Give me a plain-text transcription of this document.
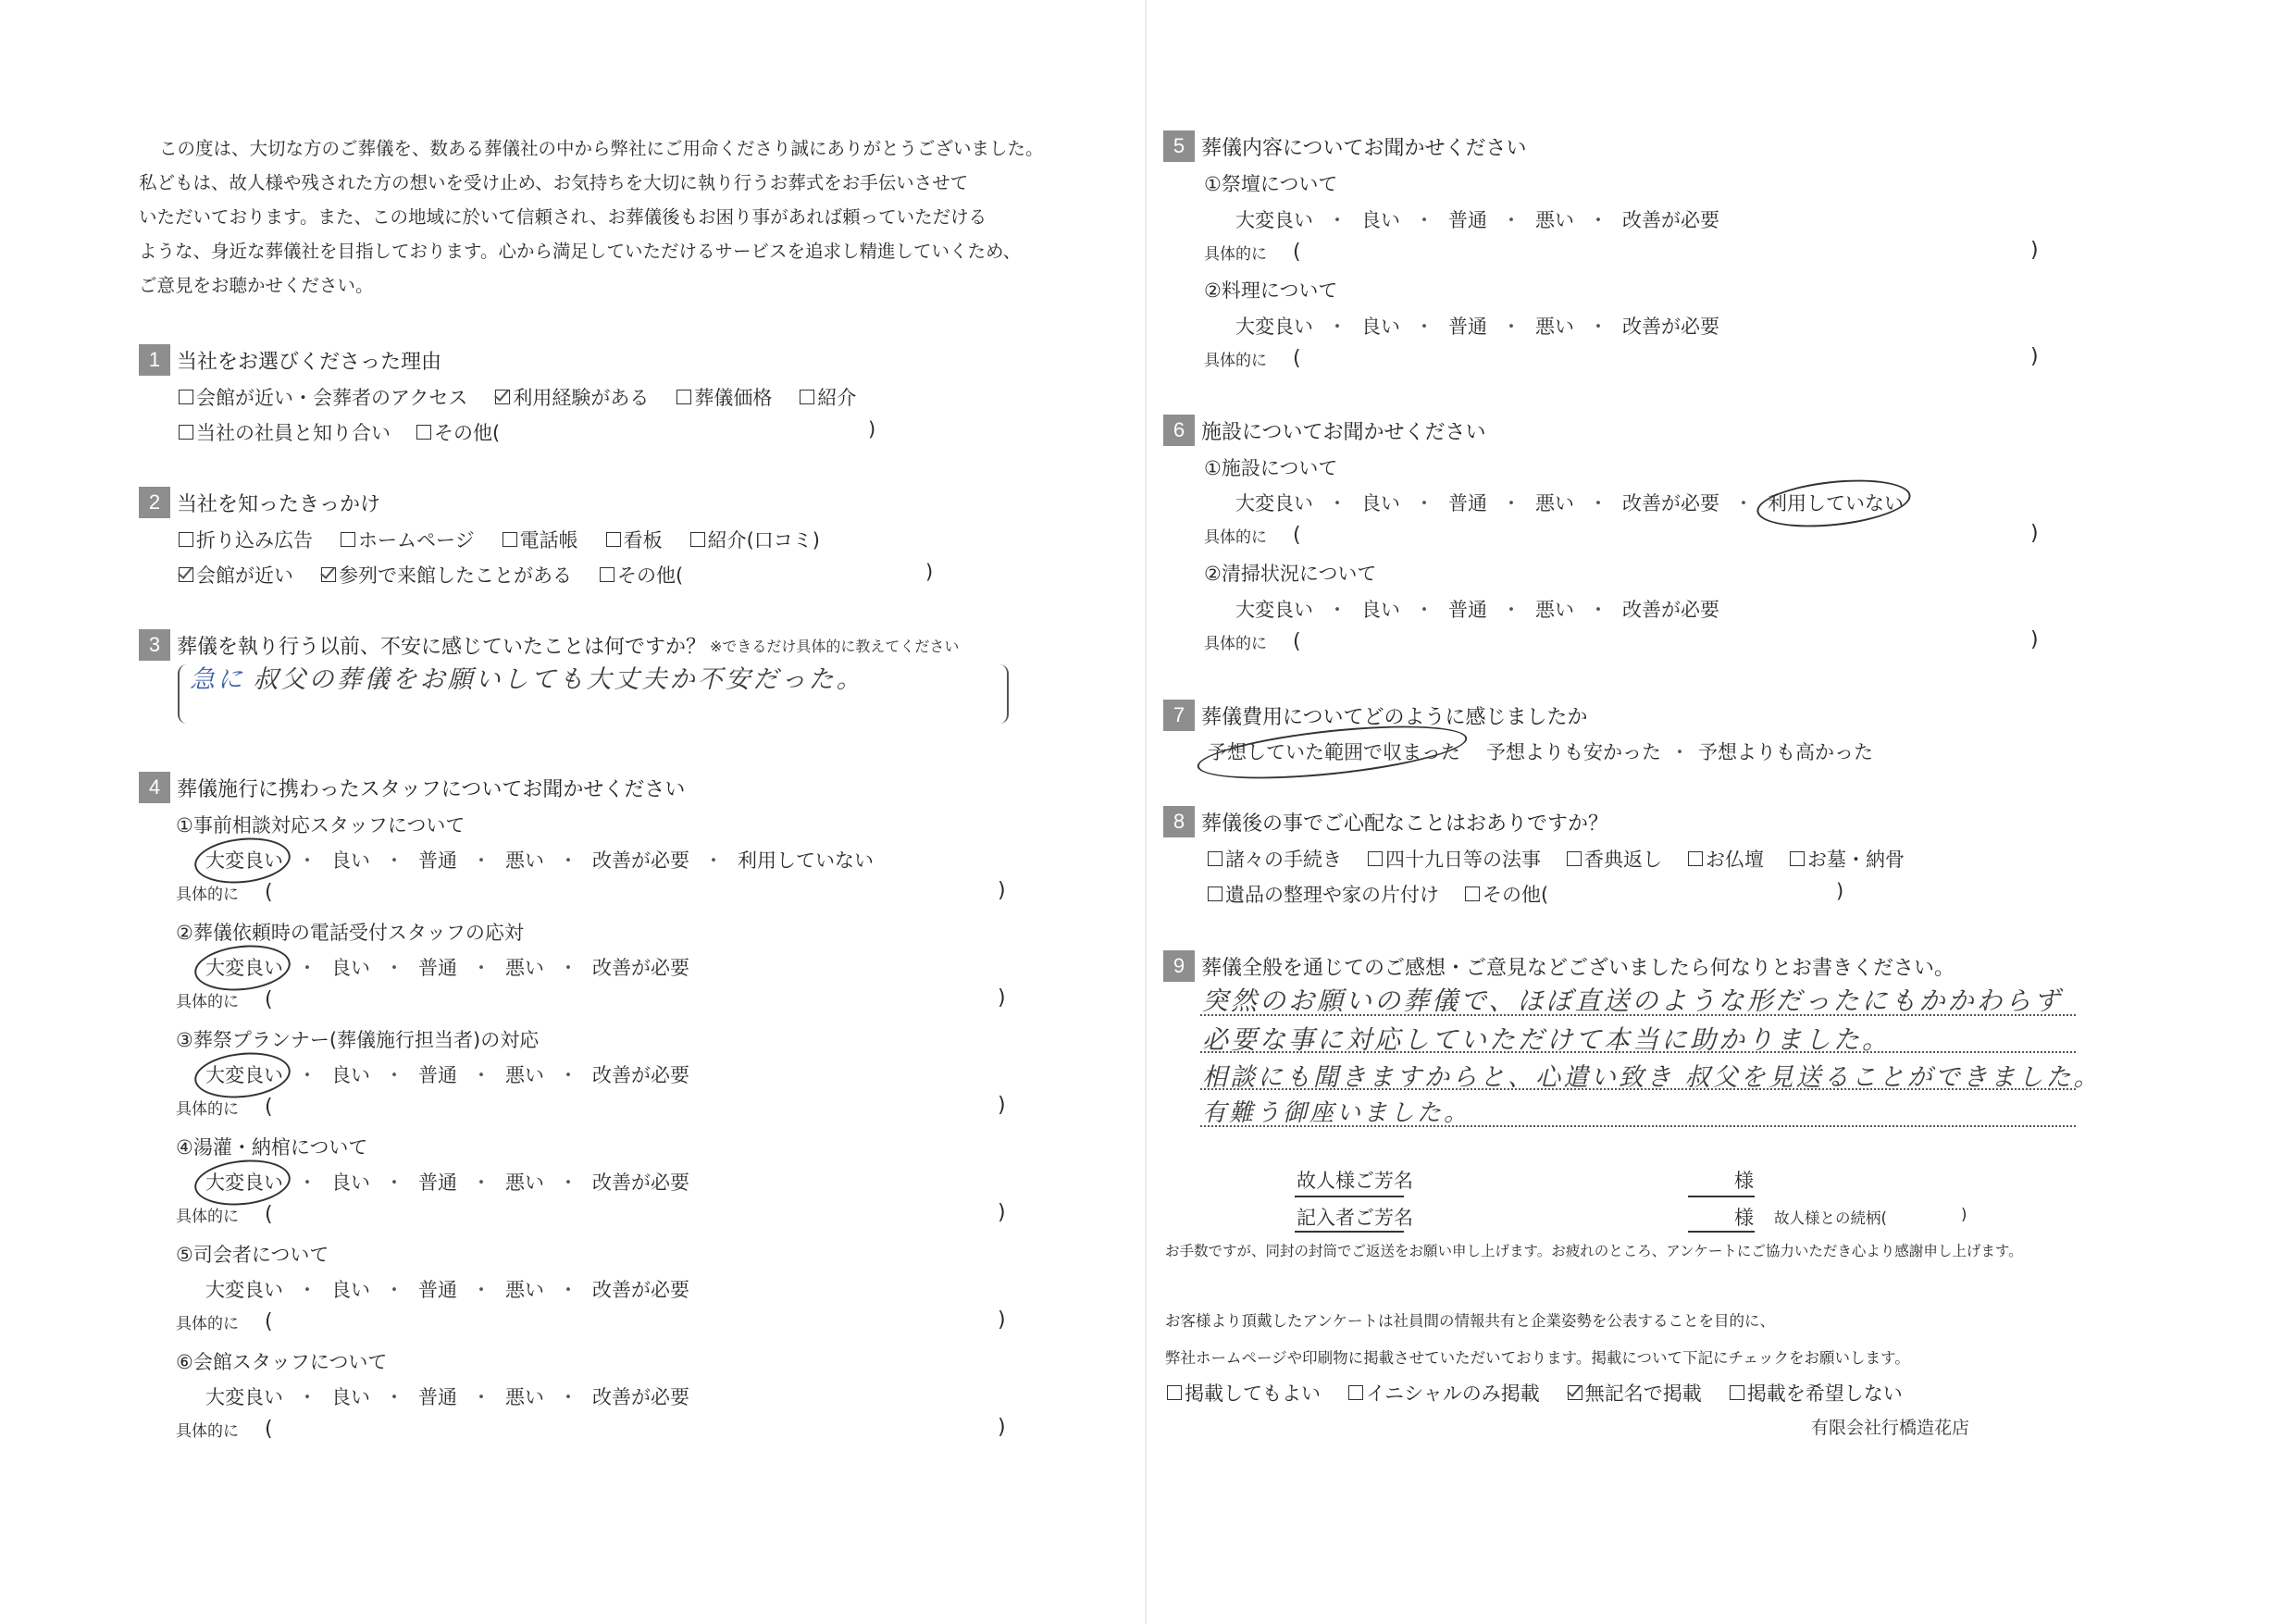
この度は、大切な方のご葬儀を、数ある葬儀社の中から弊社にご用命くださり誠にありがとうございました。
私どもは、故人様や残された方の想いを受け止め、お気持ちを大切に執り行うお葬式をお手伝いさせて
いただいております。また、この地域に於いて信頼され、お葬儀後もお困り事があれば頼っていただける
ような、身近な葬儀社を目指しております。心から満足していただけるサービスを追求し精進していくため、
ご意見をお聴かせください。
1 当社をお選びくださった理由
会館が近い・会葬者のアクセス 利用経験がある 葬儀価格 紹介
当社の社員と知り合い その他(	)
2 当社を知ったきっかけ
折り込み広告 ホームページ 電話帳 看板 紹介(口コミ)
会館が近い 参列で来館したことがある その他(	)
3 葬儀を執り行う以前、不安に感じていたことは何ですか？ ※できるだけ具体的に教えてください
急に 叔父の葬儀をお願いしても大丈夫か不安だった。
4 葬儀施行に携わったスタッフについてお聞かせください
①事前相談対応スタッフについて
大変良い ・ 良い ・ 普通 ・ 悪い ・ 改善が必要 ・ 利用していない
具体的に (	)
②葬儀依頼時の電話受付スタッフの応対
大変良い ・ 良い ・ 普通 ・ 悪い ・ 改善が必要
具体的に (	)
③葬祭プランナー(葬儀施行担当者)の対応
大変良い ・ 良い ・ 普通 ・ 悪い ・ 改善が必要
具体的に (	)
④湯灌・納棺について
大変良い ・ 良い ・ 普通 ・ 悪い ・ 改善が必要
具体的に (	)
⑤司会者について
大変良い ・ 良い ・ 普通 ・ 悪い ・ 改善が必要
具体的に (	)
⑥会館スタッフについて
大変良い ・ 良い ・ 普通 ・ 悪い ・ 改善が必要
具体的に (	)
5 葬儀内容についてお聞かせください
①祭壇について
大変良い ・ 良い ・ 普通 ・ 悪い ・ 改善が必要
具体的に (	)
②料理について
大変良い ・ 良い ・ 普通 ・ 悪い ・ 改善が必要
具体的に (	)
6 施設についてお聞かせください
①施設について
大変良い ・ 良い ・ 普通 ・ 悪い ・ 改善が必要 ・ 利用していない
具体的に (	)
②清掃状況について
大変良い ・ 良い ・ 普通 ・ 悪い ・ 改善が必要
具体的に (	)
7 葬儀費用についてどのように感じましたか
予想していた範囲で収まった 予想よりも安かった ・ 予想よりも高かった
8 葬儀後の事でご心配なことはおありですか？
諸々の手続き 四十九日等の法事 香典返し お仏壇 お墓・納骨
遺品の整理や家の片付け その他(	)
9 葬儀全般を通じてのご感想・ご意見などございましたら何なりとお書きください。
突然のお願いの葬儀で、ほぼ直送のような形だったにもかかわらず
必要な事に対応していただけて本当に助かりました。
相談にも聞きますからと、心遣い致き 叔父を見送ることができました。
有難う御座いました。
故人様ご芳名	様
記入者ご芳名	様 故人様との続柄(	)
お手数ですが、同封の封筒でご返送をお願い申し上げます。お疲れのところ、アンケートにご協力いただき心より感謝申し上げます。
お客様より頂戴したアンケートは社員間の情報共有と企業姿勢を公表することを目的に、
弊社ホームページや印刷物に掲載させていただいております。掲載について下記にチェックをお願いします。
掲載してもよい イニシャルのみ掲載 無記名で掲載 掲載を希望しない
有限会社行橋造花店
